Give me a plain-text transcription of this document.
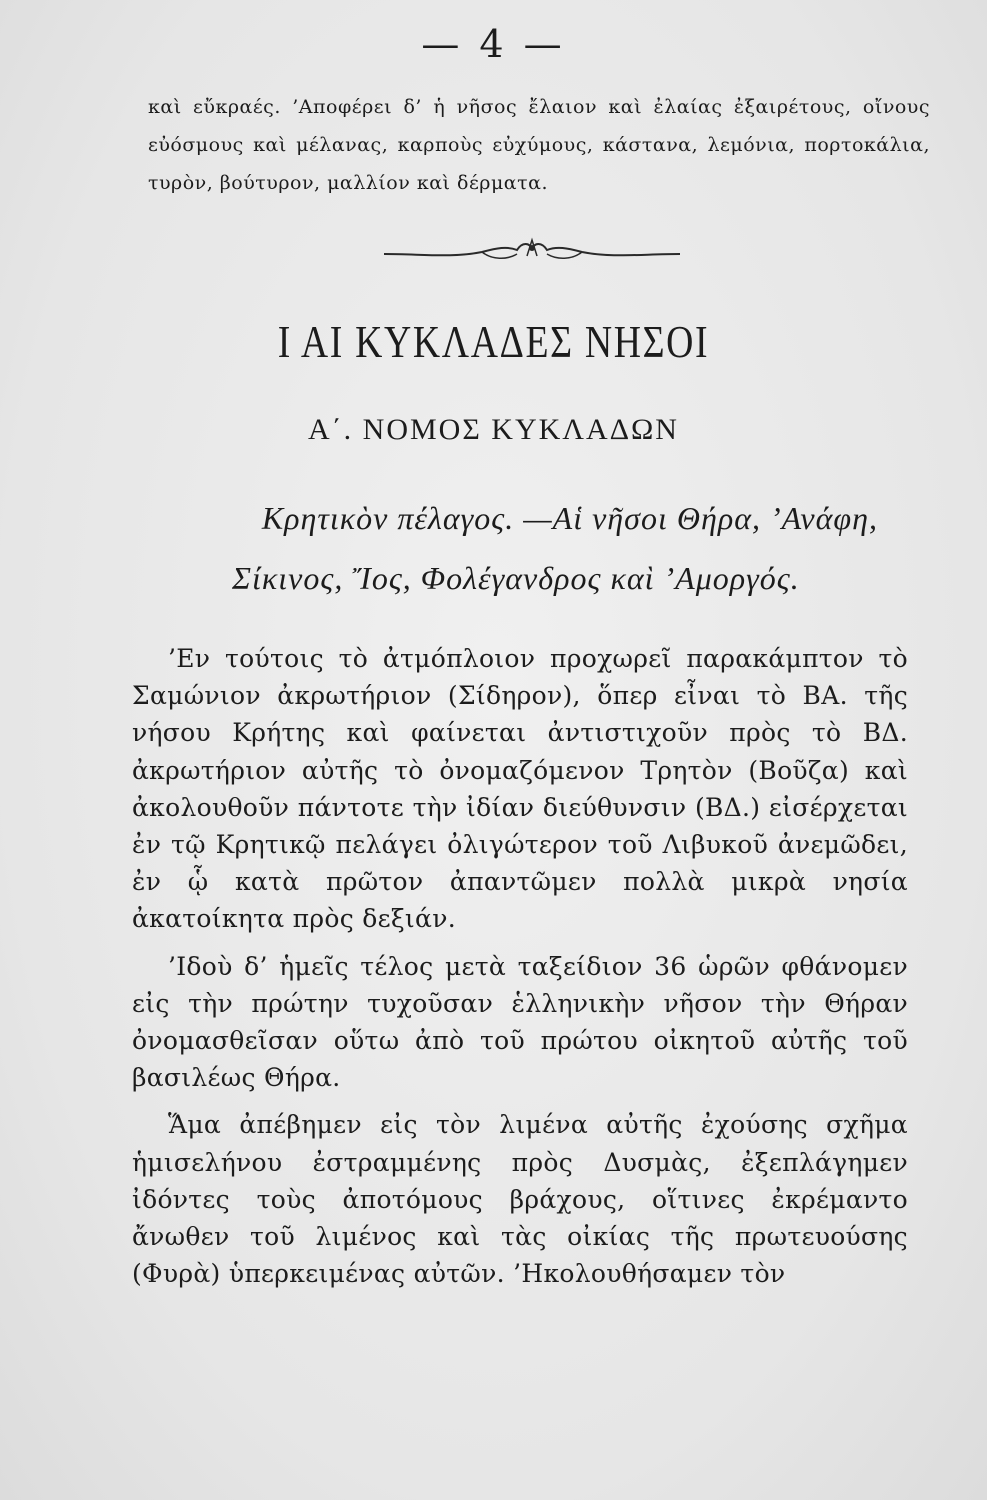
— 4 —
καὶ εὔκραές. ’Αποφέρει δ’ ἡ νῆσος ἔλαιον καὶ ἐλαίας ἐξαιρέτους, οἴνους εὐόσμους καὶ μέλανας, καρποὺς εὐχύμους, κάστανα, λεμόνια, πορτοκάλια, τυρὸν, βούτυρον, μαλλίον καὶ δέρματα.
I AI KYKΛAΔEΣ NHΣOI
Α΄. ΝΟΜΟΣ ΚΥΚΛΑΔΩΝ
Κρητικὸν πέλαγος. —Αἱ νῆσοι Θήρα, ’Ανάφη,
Σίκινος, Ἴος, Φολέγανδρος καὶ ’Αμοργός.

’Εν τούτοις τὸ ἀτμόπλοιον προχωρεῖ παρακάμπτον τὸ Σαμώνιον ἀκρωτήριον (Σίδηρον), ὅπερ εἶναι τὸ ΒΑ. τῆς νήσου Κρήτης καὶ φαίνεται ἀντιστιχοῦν πρὸς τὸ ΒΔ. ἀκρωτήριον αὐτῆς τὸ ὀνομαζόμενον Τρητὸν (Βοῦζα) καὶ ἀκολουθοῦν πάντοτε τὴν ἰδίαν διεύθυνσιν (ΒΔ.) εἰσέρχεται ἐν τῷ Κρητικῷ πελάγει ὀλιγώτερον τοῦ Λιβυκοῦ ἀνεμῶδει, ἐν ᾧ κατὰ πρῶτον ἀπαντῶμεν πολλὰ μικρὰ νησία ἀκατοίκητα πρὸς δεξιάν.

’Ιδοὺ δ’ ἡμεῖς τέλος μετὰ ταξείδιον 36 ὡρῶν φθάνομεν εἰς τὴν πρώτην τυχοῦσαν ἑλληνικὴν νῆσον τὴν Θήραν ὀνομασθεῖσαν οὕτω ἀπὸ τοῦ πρώτου οἰκητοῦ αὐτῆς τοῦ βασιλέως Θήρα.

Ἅμα ἀπέβημεν εἰς τὸν λιμένα αὐτῆς ἐχούσης σχῆμα ἡμισελήνου ἐστραμμένης πρὸς Δυσμὰς, ἐξεπλάγημεν ἰδόντες τοὺς ἀποτόμους βράχους, οἵτινες ἐκρέμαντο ἄνωθεν τοῦ λιμένος καὶ τὰς οἰκίας τῆς πρωτευούσης (Φυρὰ) ὑπερκειμένας αὐτῶν. ’Ηκολουθήσαμεν τὸν
